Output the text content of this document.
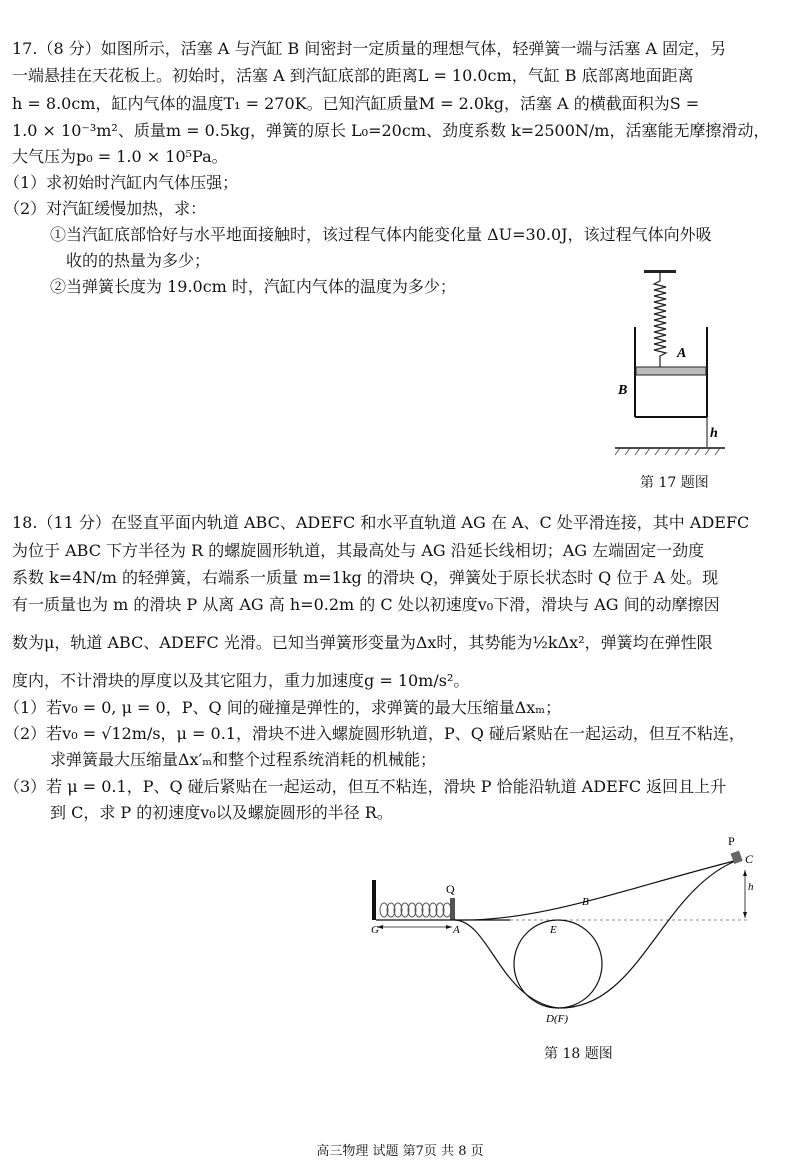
17.（8 分）如图所示，活塞 A 与汽缸 B 间密封一定质量的理想气体，轻弹簧一端与活塞 A 固定，另
一端悬挂在天花板上。初始时，活塞 A 到汽缸底部的距离L = 10.0cm，气缸 B 底部离地面距离
h = 8.0cm，缸内气体的温度T₁ = 270K。已知汽缸质量M = 2.0kg，活塞 A 的横截面积为S =
1.0 × 10⁻³m²、质量m = 0.5kg，弹簧的原长 L₀=20cm、劲度系数 k=2500N/m，活塞能无摩擦滑动，
大气压为p₀ = 1.0 × 10⁵Pa。
（1）求初始时汽缸内气体压强；
（2）对汽缸缓慢加热，求：
①当汽缸底部恰好与水平地面接触时，该过程气体内能变化量 ΔU=30.0J，该过程气体向外吸
收的的热量为多少；
②当弹簧长度为 19.0cm 时，汽缸内气体的温度为多少；
A
B
h
第 17 题图
18.（11 分）在竖直平面内轨道 ABC、ADEFC 和水平直轨道 AG 在 A、C 处平滑连接，其中 ADEFC
为位于 ABC 下方半径为 R 的螺旋圆形轨道，其最高处与 AG 沿延长线相切；AG 左端固定一劲度
系数 k=4N/m 的轻弹簧，右端系一质量 m=1kg 的滑块 Q，弹簧处于原长状态时 Q 位于 A 处。现
有一质量也为 m 的滑块 P 从离 AG 高 h=0.2m 的 C 处以初速度v₀下滑，滑块与 AG 间的动摩擦因
数为μ，轨道 ABC、ADEFC 光滑。已知当弹簧形变量为Δx时，其势能为½kΔx²，弹簧均在弹性限
度内，不计滑块的厚度以及其它阻力，重力加速度g = 10m/s²。
（1）若v₀ = 0, μ = 0，P、Q 间的碰撞是弹性的，求弹簧的最大压缩量Δxₘ；
（2）若v₀ = √12m/s，μ = 0.1，滑块不进入螺旋圆形轨道，P、Q 碰后紧贴在一起运动，但互不粘连，
求弹簧最大压缩量Δx′ₘ和整个过程系统消耗的机械能；
（3）若 μ = 0.1，P、Q 碰后紧贴在一起运动，但互不粘连，滑块 P 恰能沿轨道 ADEFC 返回且上升
到 C，求 P 的初速度v₀以及螺旋圆形的半径 R。
Q
G	A
P
C
h
B
E
D(F)
第 18 题图
高三物理 试题 第7页 共 8 页
